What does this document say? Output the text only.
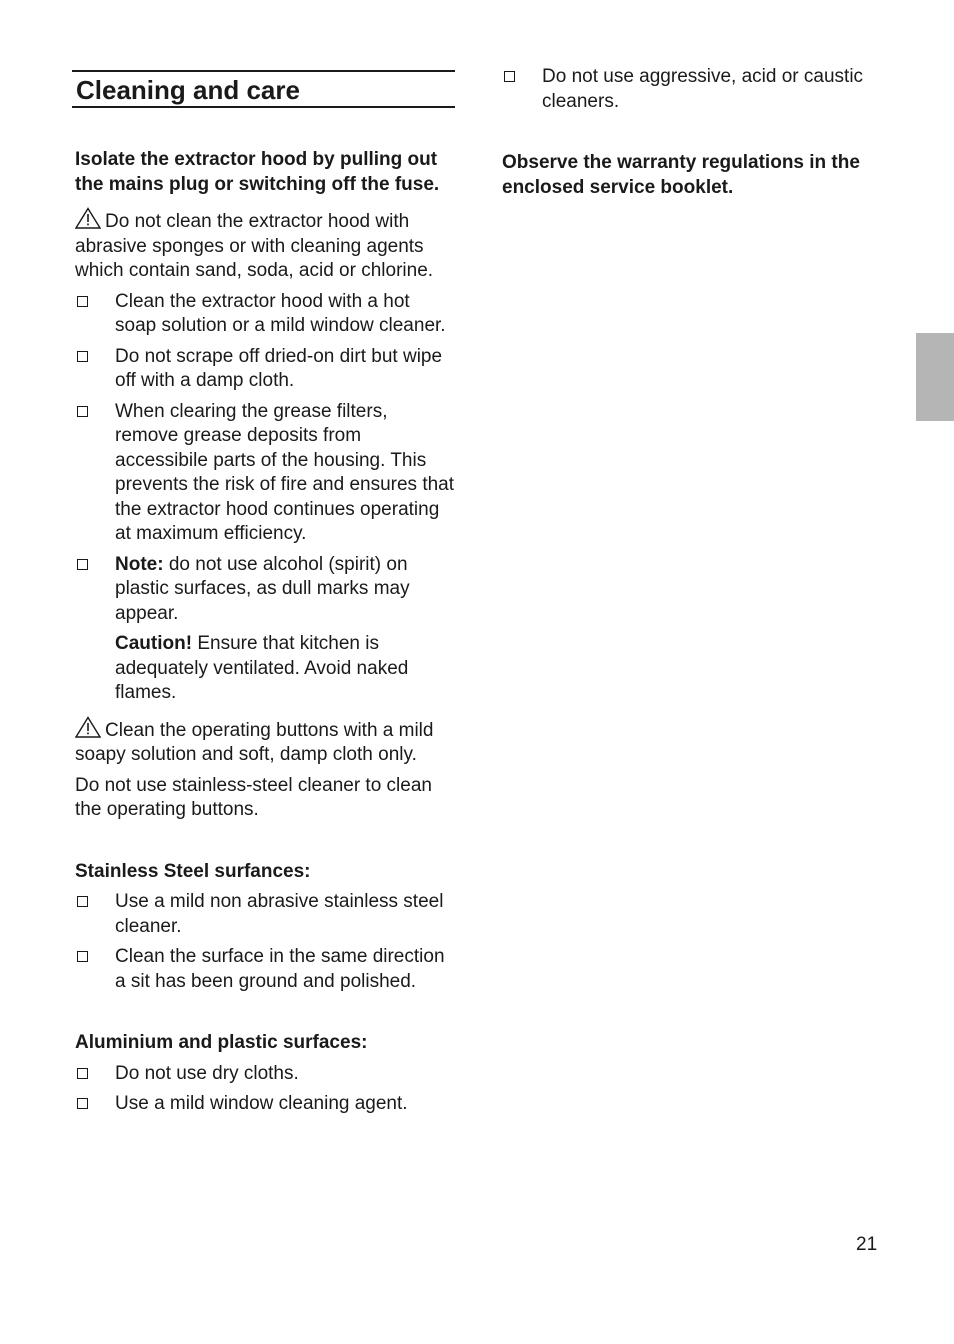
Cleaning and care

Isolate the extractor hood by pulling out the mains plug or switching off the fuse.

Do not clean the extractor hood with abrasive sponges or with cleaning agents which contain sand, soda, acid or chlorine.

Clean the extractor hood with a hot soap solution or a mild window cleaner.

Do not scrape off dried-on dirt but wipe off with a damp cloth.

When clearing the grease filters, remove grease deposits from accessibile parts of the housing. This prevents the risk of fire and ensures that the extractor hood continues operating at maximum efficiency.

Note: do not use alcohol (spirit) on plastic surfaces, as dull marks may appear.

Caution! Ensure that kitchen is adequately ventilated. Avoid naked flames.

Clean the operating buttons with a mild soapy solution and soft, damp cloth only.

Do not use stainless-steel cleaner to clean the operating buttons.

Stainless Steel surfances:

Use a mild non abrasive stainless steel cleaner.

Clean the surface in the same direction a sit has been ground and polished.

Aluminium and plastic surfaces:

Do not use dry cloths.

Use a mild window cleaning agent.

Do not use aggressive, acid or caustic cleaners.

Observe the warranty regulations in the enclosed service booklet.

21
